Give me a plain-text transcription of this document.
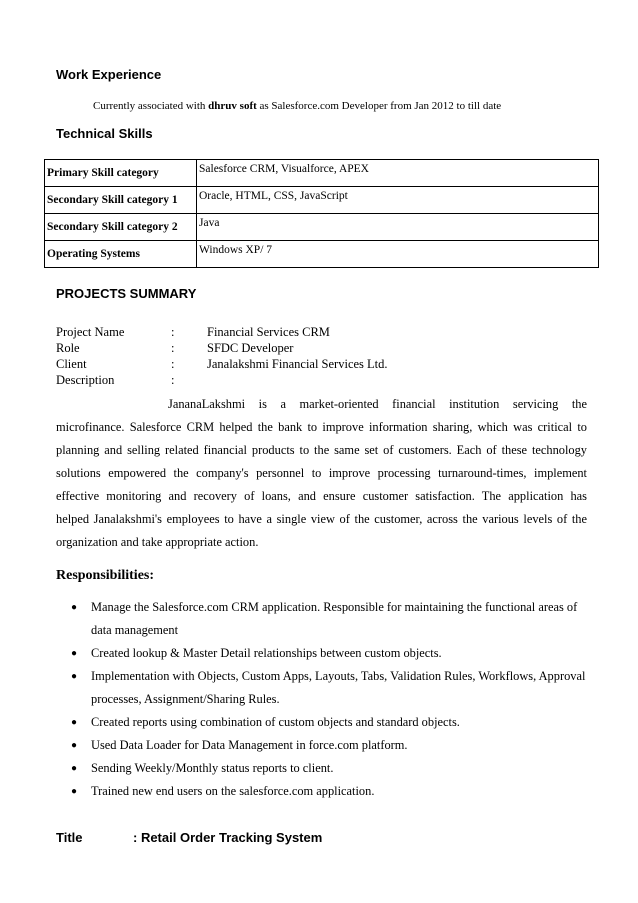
Work Experience
Currently associated with dhruv soft as Salesforce.com Developer from Jan 2012 to till date
Technical Skills
Primary Skill category	Salesforce CRM, Visualforce, APEX
Secondary Skill category 1	Oracle, HTML, CSS, JavaScript
Secondary Skill category 2	Java
Operating Systems	Windows XP/ 7
PROJECTS SUMMARY
Project Name	:	Financial Services CRM
Role	:	SFDC Developer
Client	:	Janalakshmi Financial Services Ltd.
Description	:
JananaLakshmi is a market-oriented financial institution servicing the
microfinance. Salesforce CRM helped the bank to improve information sharing, which was critical to
planning and selling related financial products to the same set of customers. Each of these technology
solutions empowered the company's personnel to improve processing turnaround-times, implement
effective monitoring and recovery of loans, and ensure customer satisfaction. The application has
helped Janalakshmi's employees to have a single view of the customer, across the various levels of the
organization and take appropriate action.
Responsibilities:
● Manage the Salesforce.com CRM application. Responsible for maintaining the functional areas of data management
● Created lookup & Master Detail relationships between custom objects.
● Implementation with Objects, Custom Apps, Layouts, Tabs, Validation Rules, Workflows, Approval processes, Assignment/Sharing Rules.
● Created reports using combination of custom objects and standard objects.
● Used Data Loader for Data Management in force.com platform.
● Sending Weekly/Monthly status reports to client.
● Trained new end users on the salesforce.com application.
Title	: Retail Order Tracking System
